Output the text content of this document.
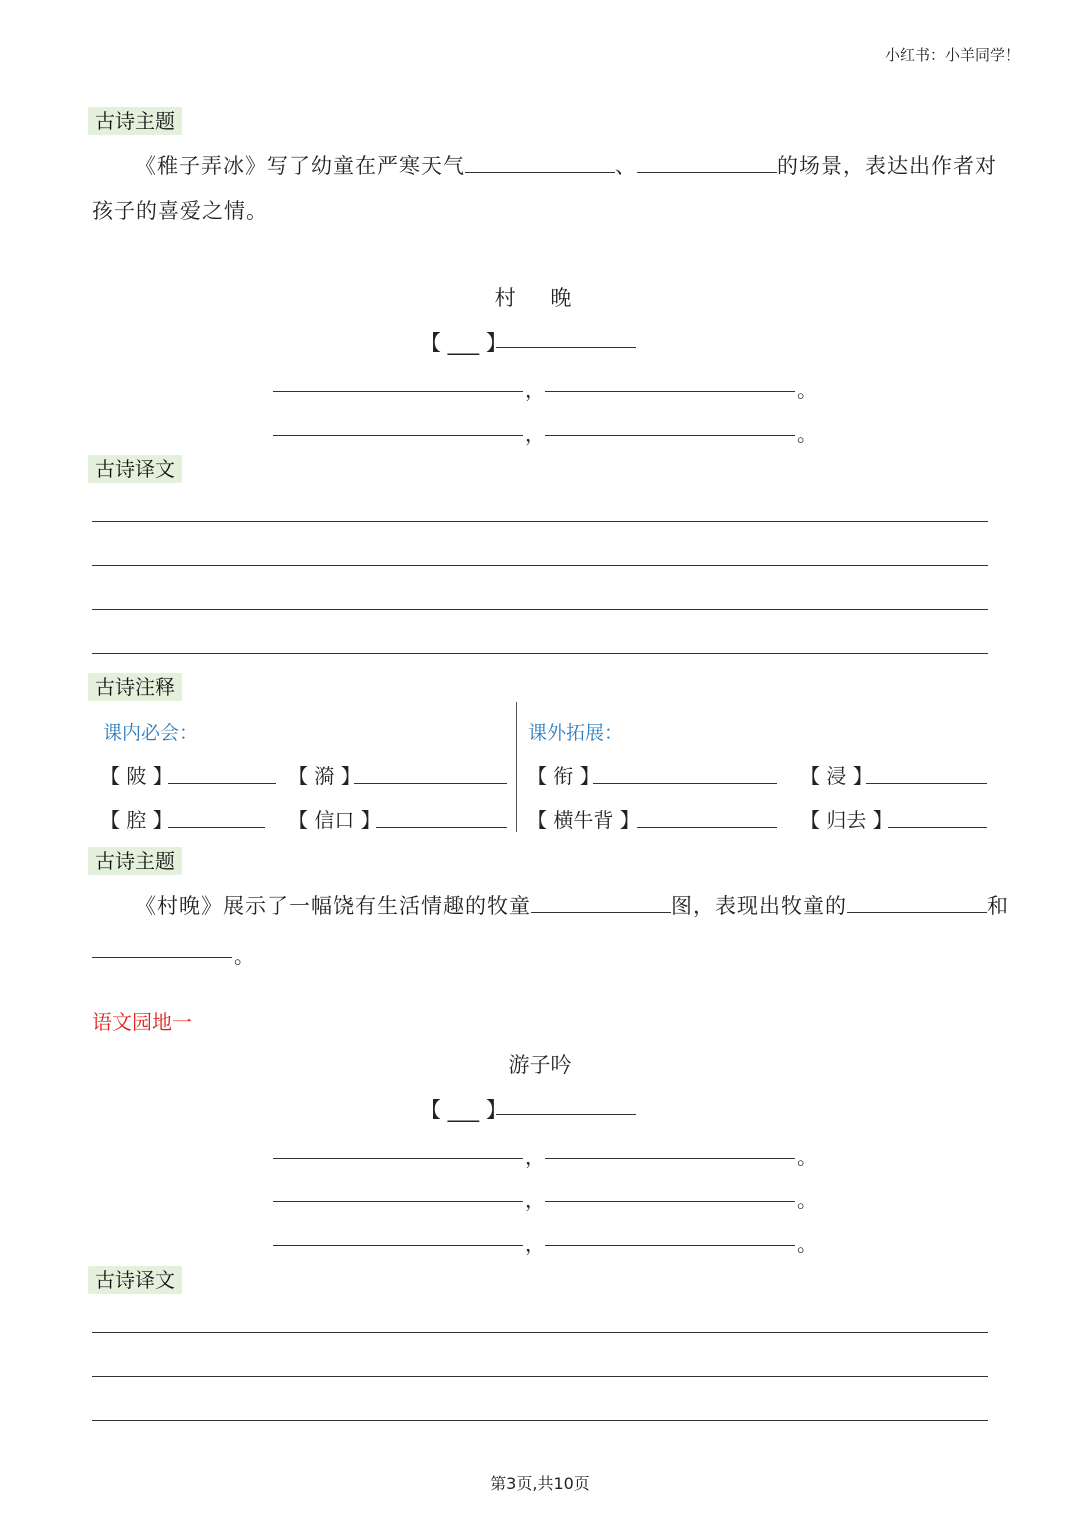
小红书：小羊同学！
古诗主题
《稚子弄冰》写了幼童在严寒天气	、	的场景，表达出作者对
孩子的喜爱之情。
村 晚
【 ___ 】
，	。
，	。
古诗译文
古诗注释
课内必会：	课外拓展：
【 陂 】	【 漪 】
【 腔 】	【 信口 】
【 衔 】	【 浸 】
【 横牛背 】	【 归去 】
古诗主题
《村晚》展示了一幅饶有生活情趣的牧童	图，表现出牧童的	和
。
语文园地一
游子吟
【 ___ 】
，	。
，	。
，	。
古诗译文
第3页,共10页
